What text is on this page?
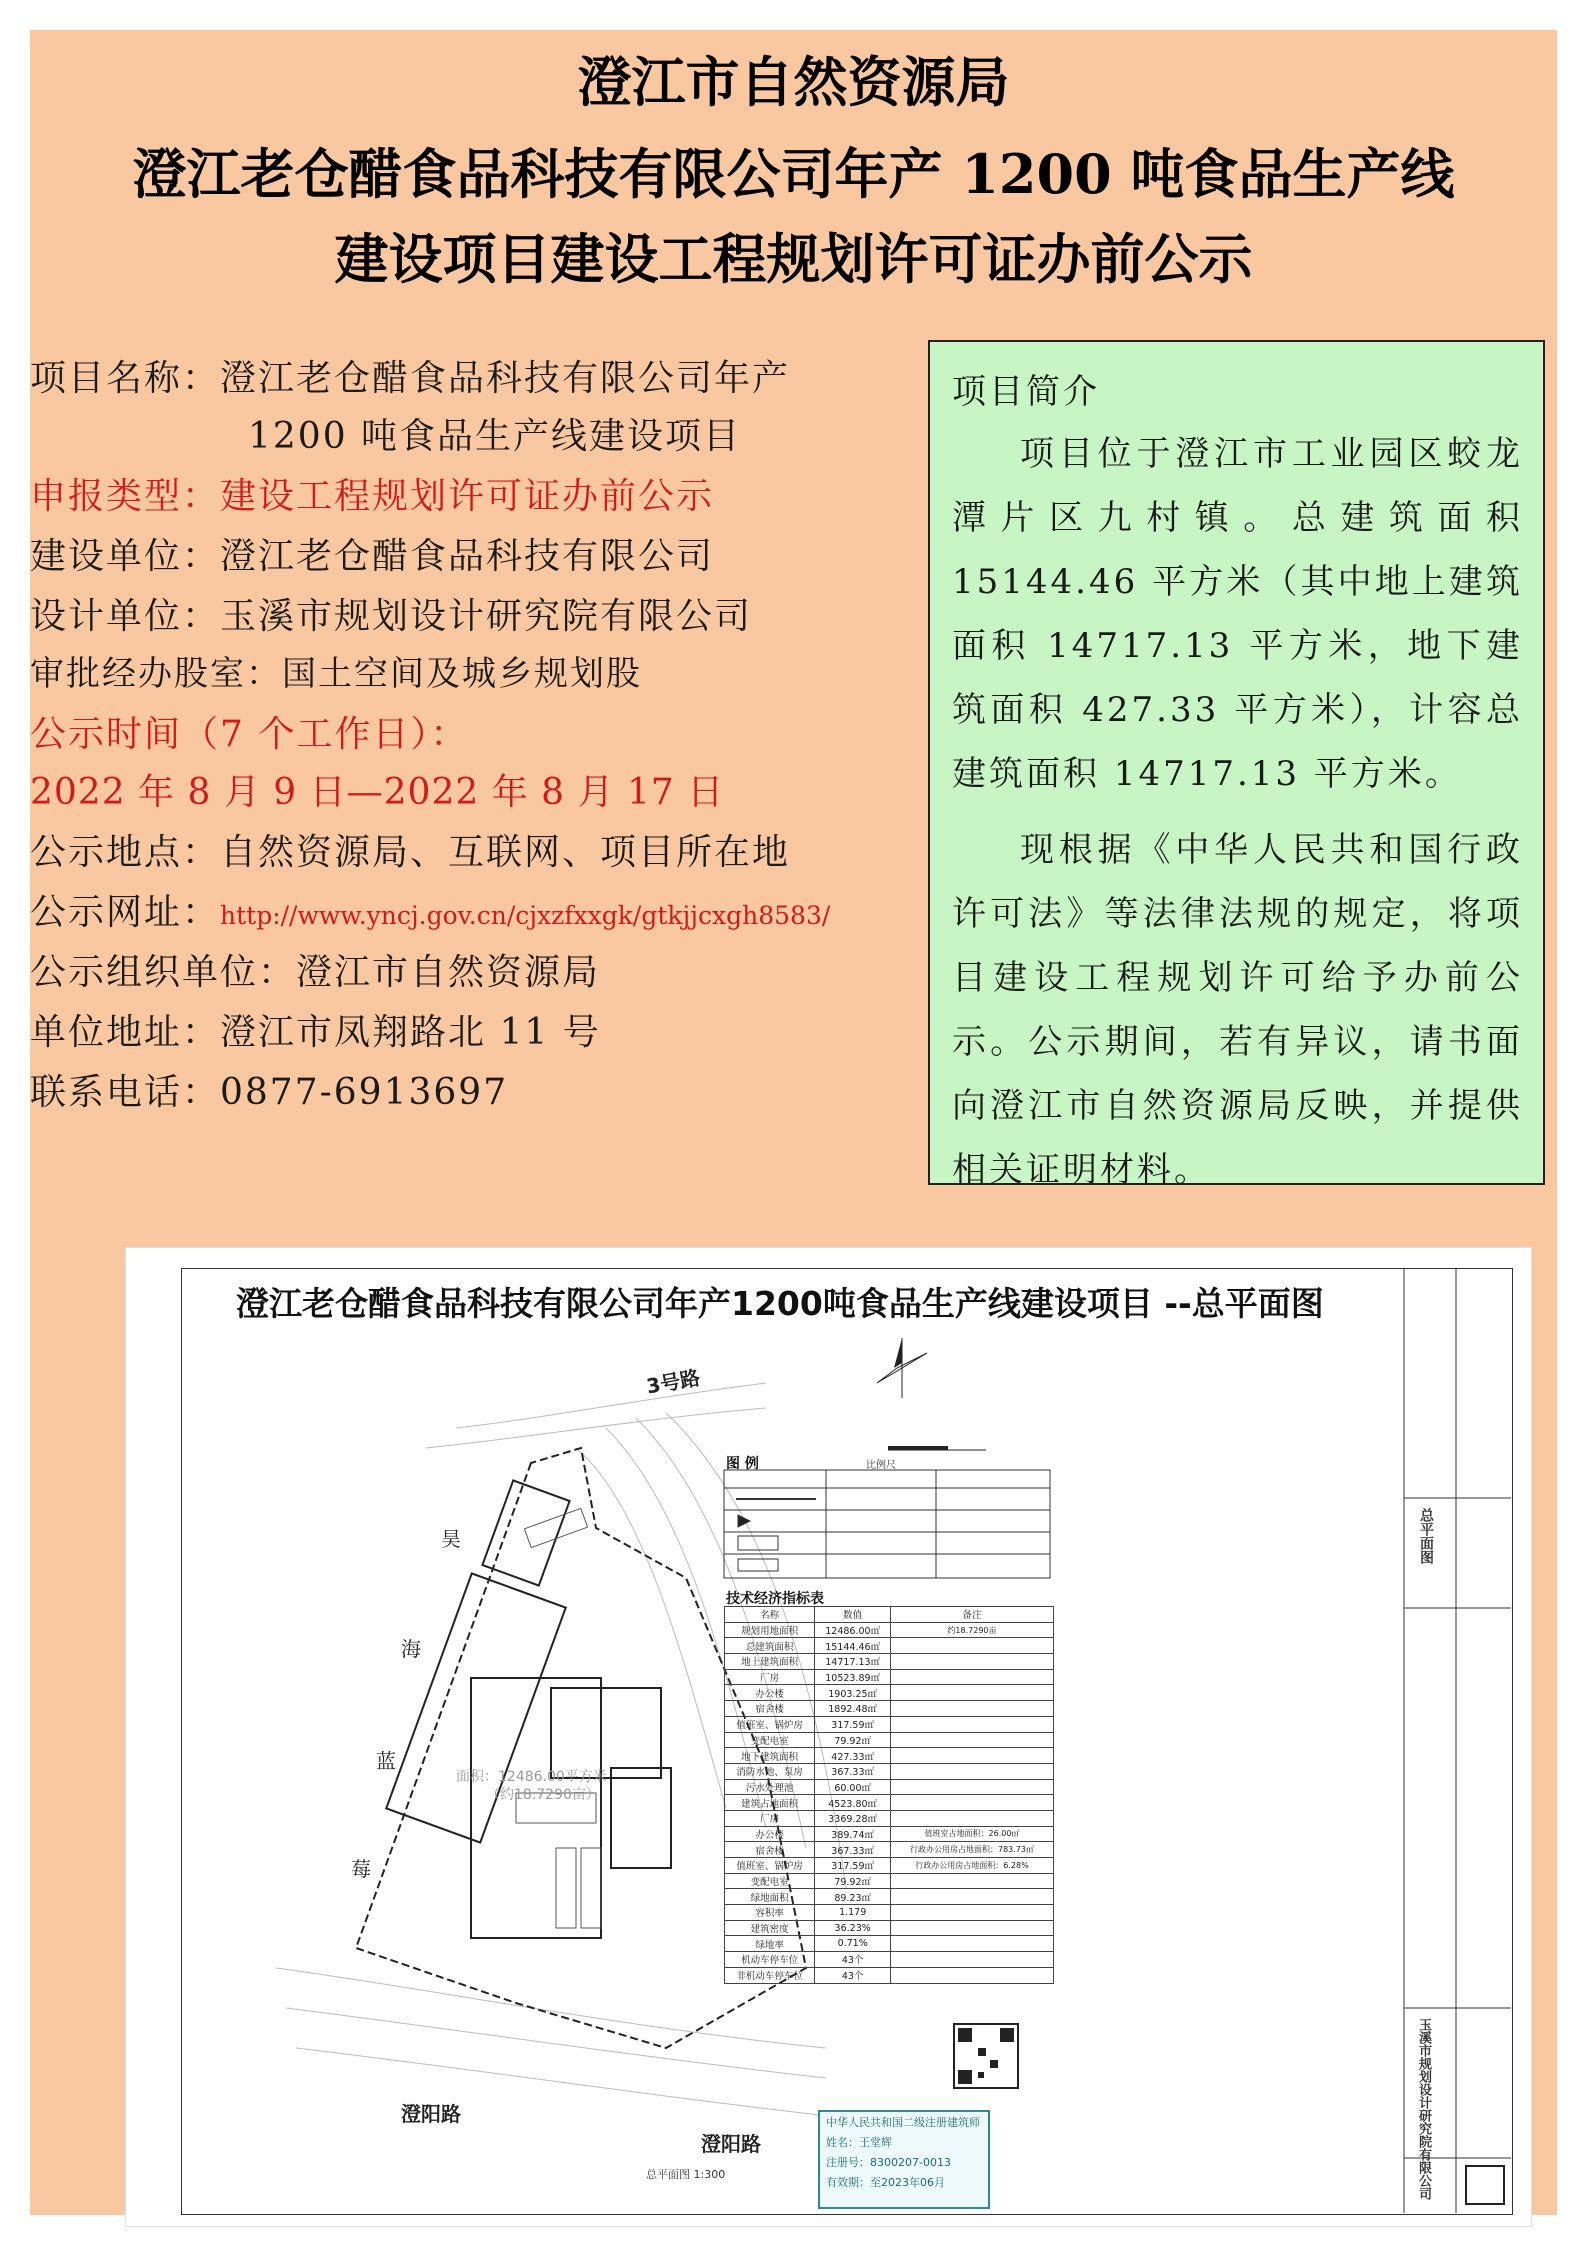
澄江市自然资源局
澄江老仓醋食品科技有限公司年产 1200 吨食品生产线
建设项目建设工程规划许可证办前公示
项目名称：澄江老仓醋食品科技有限公司年产
1200 吨食品生产线建设项目
申报类型：建设工程规划许可证办前公示
建设单位：澄江老仓醋食品科技有限公司
设计单位：玉溪市规划设计研究院有限公司
审批经办股室：国土空间及城乡规划股
公示时间（7 个工作日）：
2022 年 8 月 9 日—2022 年 8 月 17 日
公示地点：自然资源局、互联网、项目所在地
公示网址：http://www.yncj.gov.cn/cjxzfxxgk/gtkjjcxgh8583/
公示组织单位：澄江市自然资源局
单位地址：澄江市凤翔路北 11 号
联系电话：0877-6913697
项目简介
项目位于澄江市工业园区蛟龙潭片区九村镇。总建筑面积 15144.46 平方米（其中地上建筑面积 14717.13 平方米，地下建筑面积 427.33 平方米），计容总建筑面积 14717.13 平方米。
现根据《中华人民共和国行政许可法》等法律法规的规定，将项目建设工程规划许可给予办前公示。公示期间，若有异议，请书面向澄江市自然资源局反映，并提供相关证明材料。
澄江老仓醋食品科技有限公司年产1200吨食品生产线建设项目 --总平面图
3号路
澄阳路
澄阳路
昊
海
蓝
莓
面积：12486.00平方米
（约18.7290亩）
比例尺
总平面图 1:300
图 例
技术经济指标表
名称	数值	备注
规划用地面积	12486.00㎡	约18.7290亩
总建筑面积	15144.46㎡	
地上建筑面积	14717.13㎡	
厂房	10523.89㎡	
办公楼	1903.25㎡	
宿舍楼	1892.48㎡	
值班室、锅炉房	317.59㎡	
变配电室	79.92㎡	
地下建筑面积	427.33㎡	
消防水池、泵房	367.33㎡	
污水处理池	60.00㎡	
建筑占地面积	4523.80㎡	
厂房	3369.28㎡	
办公楼	389.74㎡	值班室占地面积：26.00㎡
宿舍楼	367.33㎡	行政办公用房占地面积：783.73㎡
值班室、锅炉房	317.59㎡	行政办公用房占地面积：6.28%
变配电室	79.92㎡	
绿地面积	89.23㎡	
容积率	1.179	
建筑密度	36.23%	
绿地率	0.71%	
机动车停车位	43个	
非机动车停车位	43个	
中华人民共和国二级注册建筑师
姓名：王堂辉
注册号：8300207-0013
有效期：至2023年06月	玉溪市规划设计研究院有限公司
总平面图
